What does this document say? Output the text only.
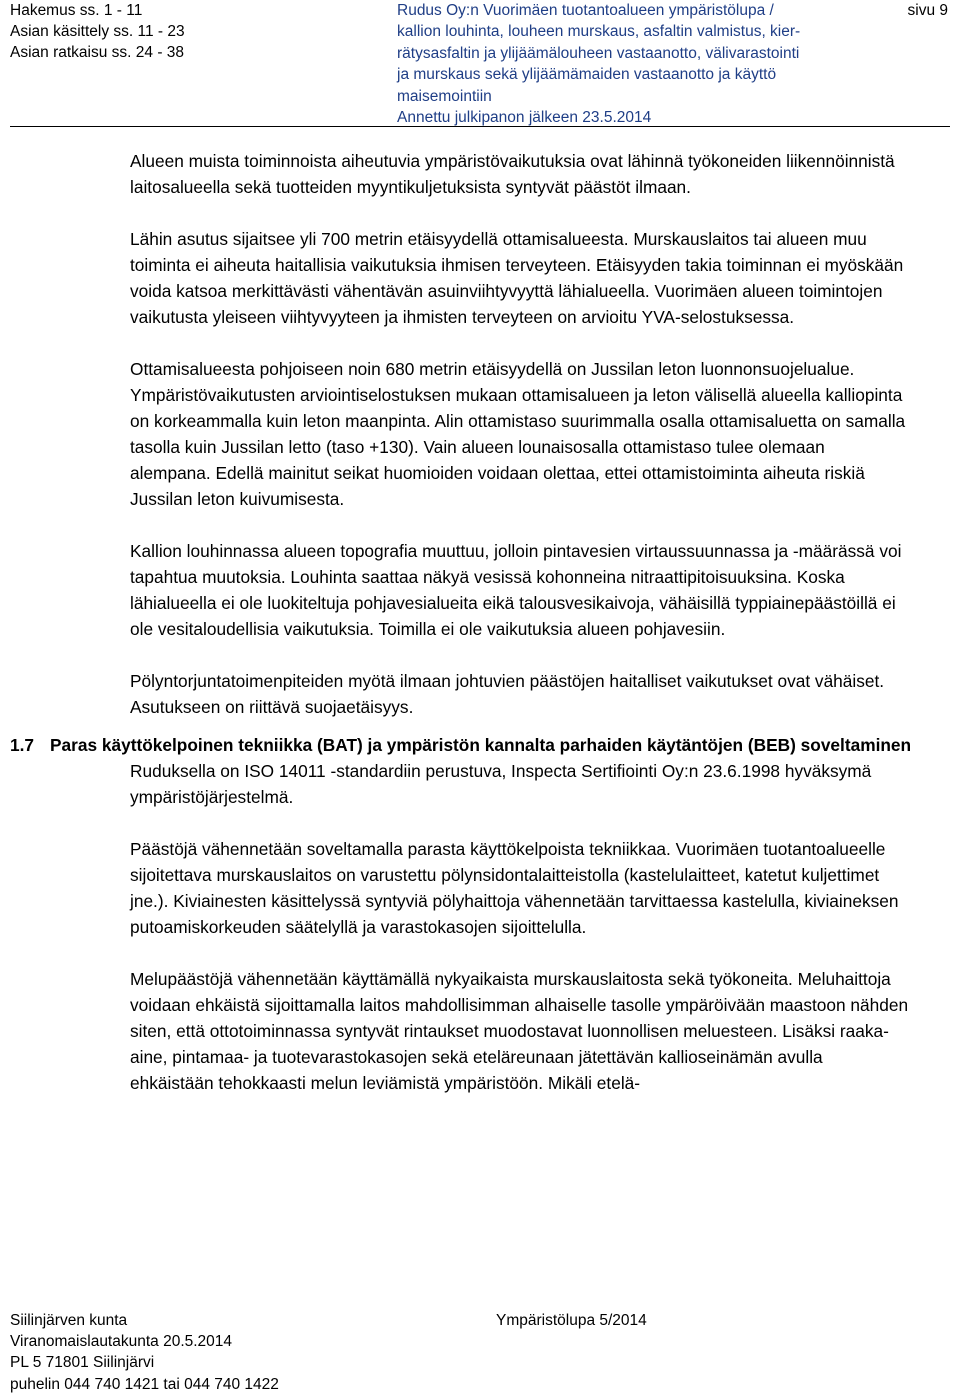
Hakemus ss. 1 - 11
Asian käsittely ss. 11 - 23
Asian ratkaisu ss. 24 - 38
Rudus Oy:n Vuorimäen tuotantoalueen ympäristölupa /
kallion louhinta, louheen murskaus, asfaltin valmistus, kier-
rätysasfaltin ja ylijäämälouheen vastaanotto, välivarastointi
ja murskaus sekä ylijäämämaiden vastaanotto ja käyttö
maisemointiin
Annettu julkipanon jälkeen 23.5.2014
sivu 9

Alueen muista toiminnoista aiheutuvia ympäristövaikutuksia ovat lähinnä työkoneiden liikennöinnistä laitosalueella sekä tuotteiden myyntikuljetuksista syntyvät päästöt ilmaan.

Lähin asutus sijaitsee yli 700 metrin etäisyydellä ottamisalueesta. Murskauslaitos tai alueen muu toiminta ei aiheuta haitallisia vaikutuksia ihmisen terveyteen. Etäisyyden takia toiminnan ei myöskään voida katsoa merkittävästi vähentävän asuinviihtyvyyttä lähialueella. Vuorimäen alueen toimintojen vaikutusta yleiseen viihtyvyyteen ja ihmisten terveyteen on arvioitu YVA-selostuksessa.

Ottamisalueesta pohjoiseen noin 680 metrin etäisyydellä on Jussilan leton luonnonsuojelualue. Ympäristövaikutusten arviointiselostuksen mukaan ottamisalueen ja leton välisellä alueella kalliopinta on korkeammalla kuin leton maanpinta. Alin ottamistaso suurimmalla osalla ottamisaluetta on samalla tasolla kuin Jussilan letto (taso +130). Vain alueen lounaisosalla ottamistaso tulee olemaan alempana. Edellä mainitut seikat huomioiden voidaan olettaa, ettei ottamistoiminta aiheuta riskiä Jussilan leton kuivumisesta.

Kallion louhinnassa alueen topografia muuttuu, jolloin pintavesien virtaussuunnassa ja -määrässä voi tapahtua muutoksia. Louhinta saattaa näkyä vesissä kohonneina nitraattipitoisuuksina. Koska lähialueella ei ole luokiteltuja pohjavesialueita eikä talousvesikaivoja, vähäisillä typpiainepäästöillä ei ole vesitaloudellisia vaikutuksia. Toimilla ei ole vaikutuksia alueen pohjavesiin.

Pölyntorjuntatoimenpiteiden myötä ilmaan johtuvien päästöjen haitalliset vaikutukset ovat vähäiset. Asutukseen on riittävä suojaetäisyys.

1.7 Paras käyttökelpoinen tekniikka (BAT) ja ympäristön kannalta parhaiden käytäntöjen (BEB) soveltaminen

Ruduksella on ISO 14011 -standardiin perustuva, Inspecta Sertifiointi Oy:n 23.6.1998 hyväksymä ympäristöjärjestelmä.

Päästöjä vähennetään soveltamalla parasta käyttökelpoista tekniikkaa. Vuorimäen tuotantoalueelle sijoitettava murskauslaitos on varustettu pölynsidontalaitteistolla (kastelulaitteet, katetut kuljettimet jne.). Kiviainesten käsittelyssä syntyviä pölyhaittoja vähennetään tarvittaessa kastelulla, kiviaineksen putoamiskorkeuden säätelyllä ja varastokasojen sijoittelulla.

Melupäästöjä vähennetään käyttämällä nykyaikaista murskauslaitosta sekä työkoneita. Meluhaittoja voidaan ehkäistä sijoittamalla laitos mahdollisimman alhaiselle tasolle ympäröivään maastoon nähden siten, että ottotoiminnassa syntyvät rintaukset muodostavat luonnollisen meluesteen. Lisäksi raaka-aine, pintamaa- ja tuotevarastokasojen sekä eteläreunaan jätettävän kallioseinämän avulla ehkäistään tehokkaasti melun leviämistä ympäristöön. Mikäli etelä-

Siilinjärven kunta
Viranomaislautakunta 20.5.2014
PL 5 71801 Siilinjärvi
puhelin 044 740 1421 tai 044 740 1422
Ympäristölupa 5/2014
